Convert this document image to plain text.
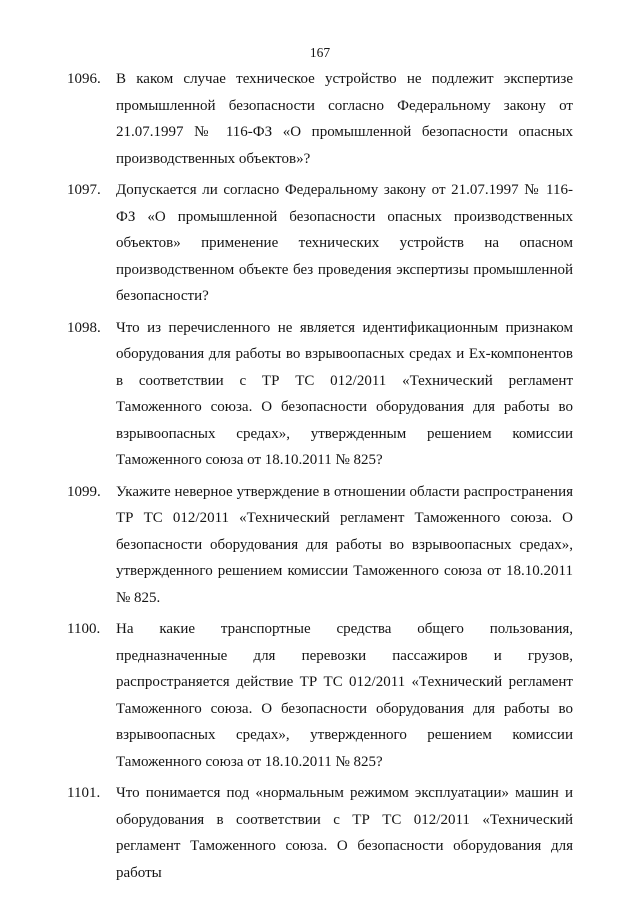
167
1096. В каком случае техническое устройство не подлежит экспертизе промышленной безопасности согласно Федеральному закону от 21.07.1997 № 116-ФЗ «О промышленной безопасности опасных производственных объектов»?
1097. Допускается ли согласно Федеральному закону от 21.07.1997 № 116-ФЗ «О промышленной безопасности опасных производственных объектов» применение технических устройств на опасном производственном объекте без проведения экспертизы промышленной безопасности?
1098. Что из перечисленного не является идентификационным признаком оборудования для работы во взрывоопасных средах и Ex-компонентов в соответствии с ТР ТС 012/2011 «Технический регламент Таможенного союза. О безопасности оборудования для работы во взрывоопасных средах», утвержденным решением комиссии Таможенного союза от 18.10.2011 № 825?
1099. Укажите неверное утверждение в отношении области распространения ТР ТС 012/2011 «Технический регламент Таможенного союза. О безопасности оборудования для работы во взрывоопасных средах», утвержденного решением комиссии Таможенного союза от 18.10.2011 № 825.
1100. На какие транспортные средства общего пользования, предназначенные для перевозки пассажиров и грузов, распространяется действие ТР ТС 012/2011 «Технический регламент Таможенного союза. О безопасности оборудования для работы во взрывоопасных средах», утвержденного решением комиссии Таможенного союза от 18.10.2011 № 825?
1101. Что понимается под «нормальным режимом эксплуатации» машин и оборудования в соответствии с ТР ТС 012/2011 «Технический регламент Таможенного союза. О безопасности оборудования для работы
